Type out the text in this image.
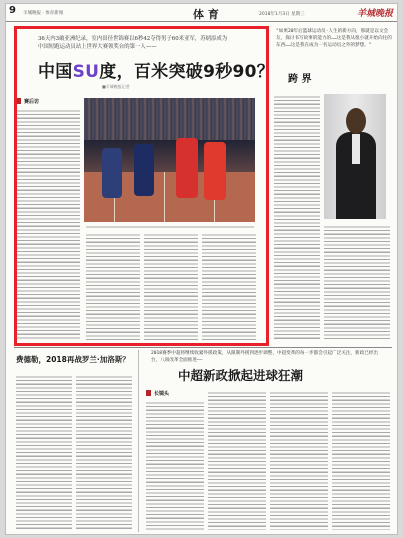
9 羊城晚报 · 体育新闻	体 育	2018年1月3日 星期三	羊城晚报
36天内3破亚洲纪录，室内田径世锦赛以6秒42夺得男子60米亚军，苏炳添成为中国短跑运动员站上世界大赛领奖台的第一人——
中国SU度，百米突破9秒90？
■羊城晚报记者
赛后访
"如果20年后篮球运动员·人生的新方向，那就是以文会友，探讨书写故事的能力的……这是我从很小就开始向往的东西……这是我在成为一名运动员之外的梦想。"
跨 界
费德勒，2018再战罗兰·加洛斯？
2018赛季中超将继续收紧外援政策，从限制外援到逐步调整，中超变革的每一步都会引起广泛关注，新政已经出台，八项改革全面推进——
中超新政掀起进球狂潮
长镜头
